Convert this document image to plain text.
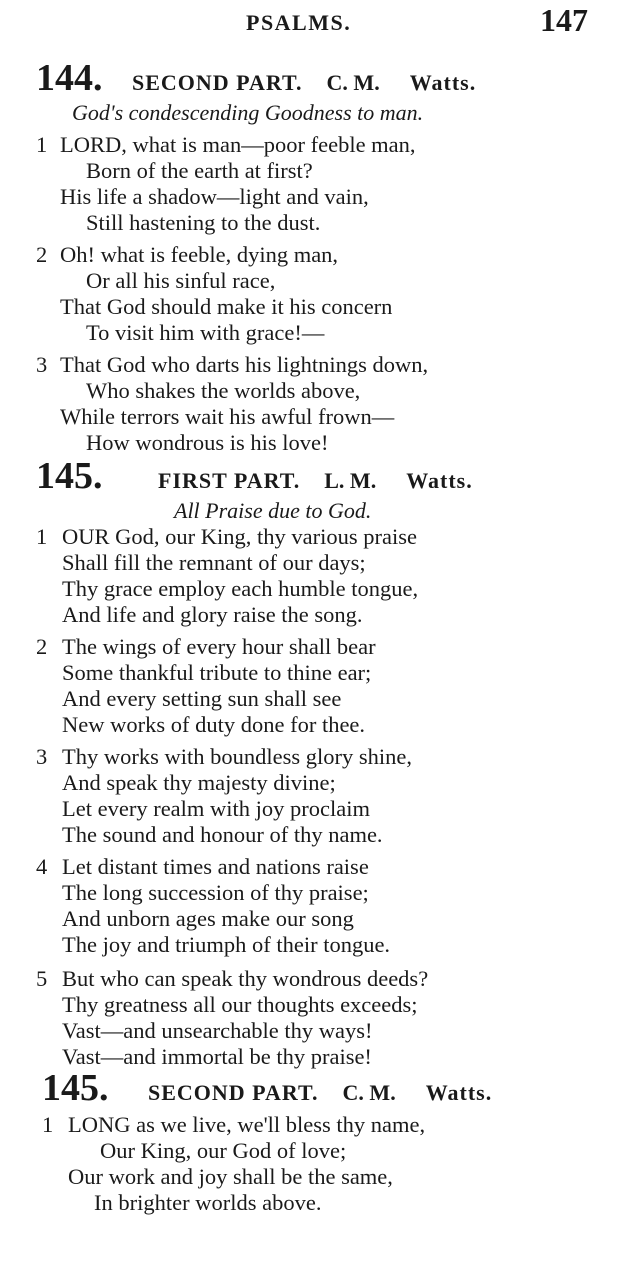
PSALMS.	147
144.	SECOND PART. C. M. Watts.
God's condescending Goodness to man.
1 LORD, what is man—poor feeble man,
Born of the earth at first?
His life a shadow—light and vain,
Still hastening to the dust.
2 Oh! what is feeble, dying man,
Or all his sinful race,
That God should make it his concern
To visit him with grace!—
3 That God who darts his lightnings down,
Who shakes the worlds above,
While terrors wait his awful frown—
How wondrous is his love!
145.	FIRST PART. L. M. Watts.
All Praise due to God.
1 OUR God, our King, thy various praise
Shall fill the remnant of our days;
Thy grace employ each humble tongue,
And life and glory raise the song.
2 The wings of every hour shall bear
Some thankful tribute to thine ear;
And every setting sun shall see
New works of duty done for thee.
3 Thy works with boundless glory shine,
And speak thy majesty divine;
Let every realm with joy proclaim
The sound and honour of thy name.
4 Let distant times and nations raise
The long succession of thy praise;
And unborn ages make our song
The joy and triumph of their tongue.
5 But who can speak thy wondrous deeds?
Thy greatness all our thoughts exceeds;
Vast—and unsearchable thy ways!
Vast—and immortal be thy praise!
145.	SECOND PART. C. M. Watts.
1 LONG as we live, we'll bless thy name,
Our King, our God of love;
Our work and joy shall be the same,
In brighter worlds above.
